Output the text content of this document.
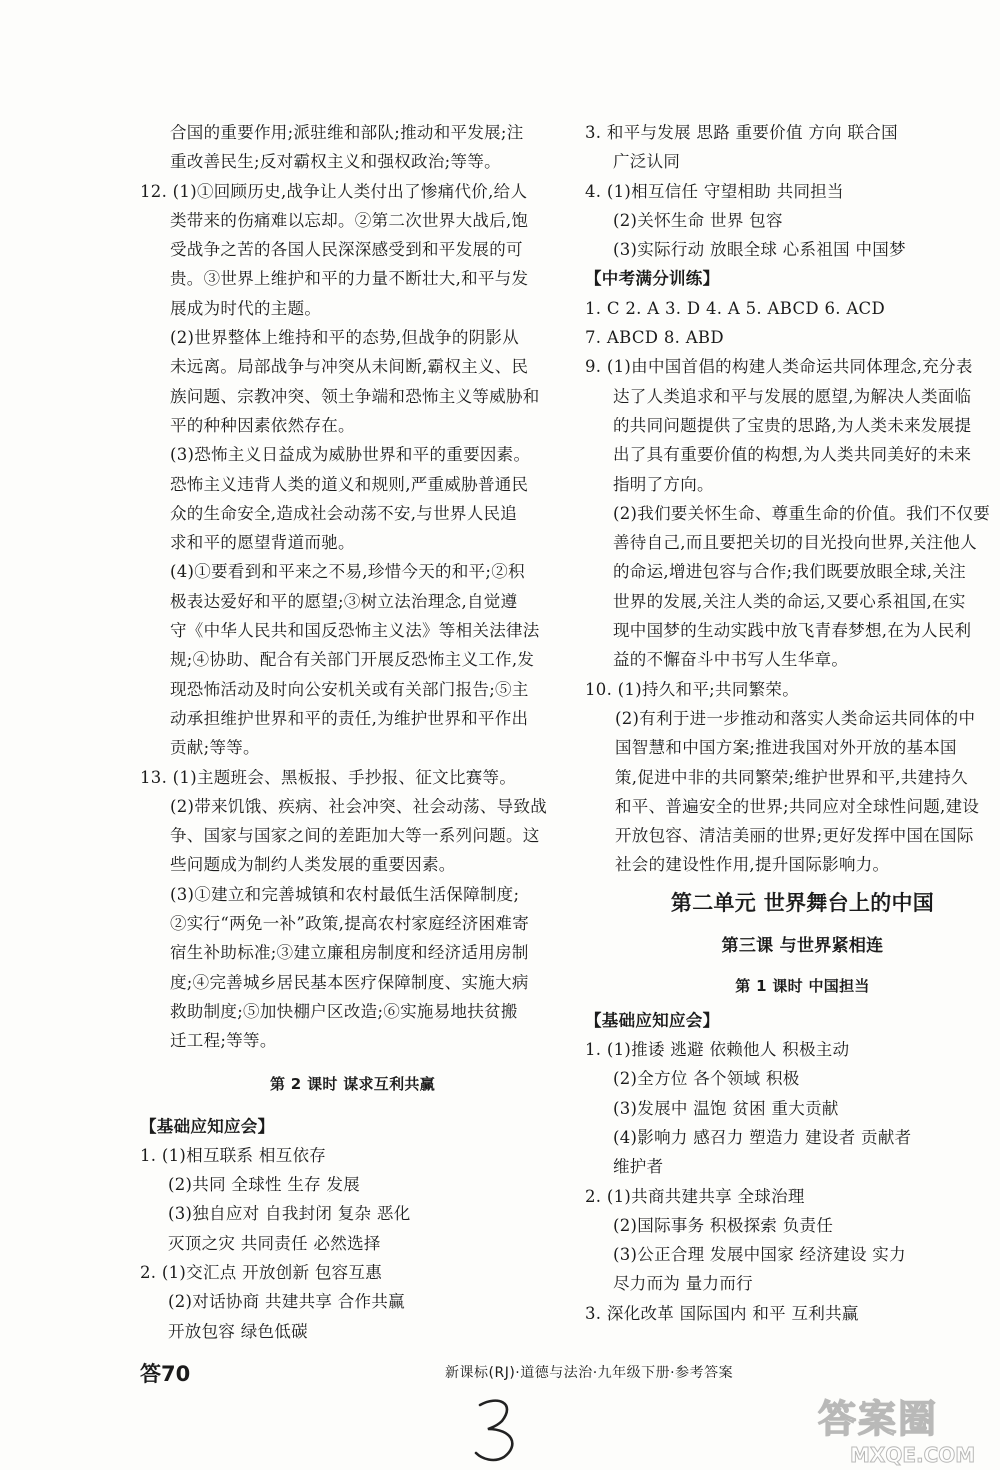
合国的重要作用;派驻维和部队;推动和平发展;注
重改善民生;反对霸权主义和强权政治;等等。
12. (1)①回顾历史,战争让人类付出了惨痛代价,给人
类带来的伤痛难以忘却。②第二次世界大战后,饱
受战争之苦的各国人民深深感受到和平发展的可
贵。③世界上维护和平的力量不断壮大,和平与发
展成为时代的主题。
(2)世界整体上维持和平的态势,但战争的阴影从
未远离。局部战争与冲突从未间断,霸权主义、民
族问题、宗教冲突、领土争端和恐怖主义等威胁和
平的种种因素依然存在。
(3)恐怖主义日益成为威胁世界和平的重要因素。
恐怖主义违背人类的道义和规则,严重威胁普通民
众的生命安全,造成社会动荡不安,与世界人民追
求和平的愿望背道而驰。
(4)①要看到和平来之不易,珍惜今天的和平;②积
极表达爱好和平的愿望;③树立法治理念,自觉遵
守《中华人民共和国反恐怖主义法》等相关法律法
规;④协助、配合有关部门开展反恐怖主义工作,发
现恐怖活动及时向公安机关或有关部门报告;⑤主
动承担维护世界和平的责任,为维护世界和平作出
贡献;等等。
13. (1)主题班会、黑板报、手抄报、征文比赛等。
(2)带来饥饿、疾病、社会冲突、社会动荡、导致战
争、国家与国家之间的差距加大等一系列问题。这
些问题成为制约人类发展的重要因素。
(3)①建立和完善城镇和农村最低生活保障制度;
②实行“两免一补”政策,提高农村家庭经济困难寄
宿生补助标准;③建立廉租房制度和经济适用房制
度;④完善城乡居民基本医疗保障制度、实施大病
救助制度;⑤加快棚户区改造;⑥实施易地扶贫搬
迁工程;等等。
第 2 课时 谋求互利共赢
【基础应知应会】
1. (1)相互联系 相互依存
(2)共同 全球性 生存 发展
(3)独自应对 自我封闭 复杂 恶化
灭顶之灾 共同责任 必然选择
2. (1)交汇点 开放创新 包容互惠
(2)对话协商 共建共享 合作共赢
开放包容 绿色低碳
3. 和平与发展 思路 重要价值 方向 联合国
广泛认同
4. (1)相互信任 守望相助 共同担当
(2)关怀生命 世界 包容
(3)实际行动 放眼全球 心系祖国 中国梦
【中考满分训练】
1. C 2. A 3. D 4. A 5. ABCD 6. ACD
7. ABCD 8. ABD
9. (1)由中国首倡的构建人类命运共同体理念,充分表
达了人类追求和平与发展的愿望,为解决人类面临
的共同问题提供了宝贵的思路,为人类未来发展提
出了具有重要价值的构想,为人类共同美好的未来
指明了方向。
(2)我们要关怀生命、尊重生命的价值。我们不仅要
善待自己,而且要把关切的目光投向世界,关注他人
的命运,增进包容与合作;我们既要放眼全球,关注
世界的发展,关注人类的命运,又要心系祖国,在实
现中国梦的生动实践中放飞青春梦想,在为人民利
益的不懈奋斗中书写人生华章。
10. (1)持久和平;共同繁荣。
(2)有利于进一步推动和落实人类命运共同体的中
国智慧和中国方案;推进我国对外开放的基本国
策,促进中非的共同繁荣;维护世界和平,共建持久
和平、普遍安全的世界;共同应对全球性问题,建设
开放包容、清洁美丽的世界;更好发挥中国在国际
社会的建设性作用,提升国际影响力。
第二单元 世界舞台上的中国
第三课 与世界紧相连
第 1 课时 中国担当
【基础应知应会】
1. (1)推诿 逃避 依赖他人 积极主动
(2)全方位 各个领域 积极
(3)发展中 温饱 贫困 重大贡献
(4)影响力 感召力 塑造力 建设者 贡献者
维护者
2. (1)共商共建共享 全球治理
(2)国际事务 积极探索 负责任
(3)公正合理 发展中国家 经济建设 实力
尽力而为 量力而行
3. 深化改革 国际国内 和平 互利共赢
答70	新课标(RJ)·道德与法治·九年级下册·参考答案
答案圈
MXQE.COM
